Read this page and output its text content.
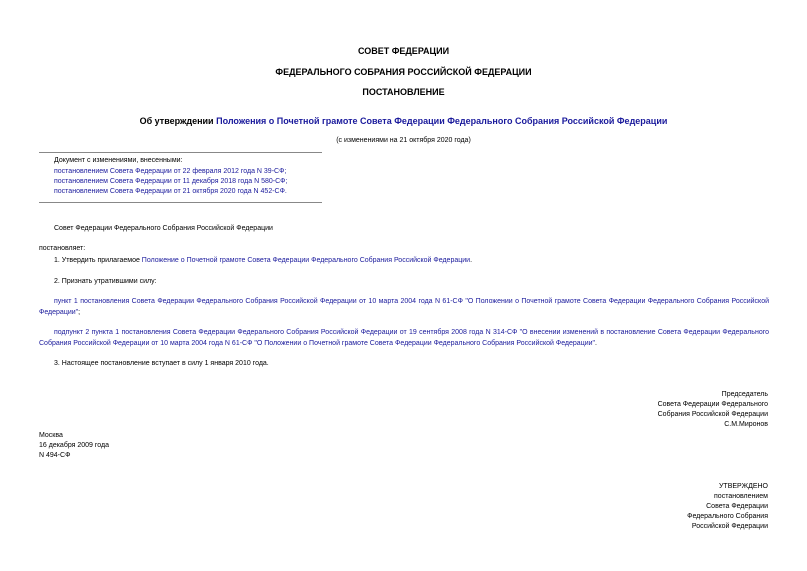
СОВЕТ ФЕДЕРАЦИИ
ФЕДЕРАЛЬНОГО СОБРАНИЯ РОССИЙСКОЙ ФЕДЕРАЦИИ
ПОСТАНОВЛЕНИЕ
Об утверждении Положения о Почетной грамоте Совета Федерации Федерального Собрания Российской Федерации
(с изменениями на 21 октября 2020 года)
Документ с изменениями, внесенными:
постановлением Совета Федерации от 22 февраля 2012 года N 39-СФ;
постановлением Совета Федерации от 11 декабря 2018 года N 580-СФ;
постановлением Совета Федерации от 21 октября 2020 года N 452-СФ.
Совет Федерации Федерального Собрания Российской Федерации
постановляет:
1. Утвердить прилагаемое Положение о Почетной грамоте Совета Федерации Федерального Собрания Российской Федерации.
2. Признать утратившими силу:
пункт 1 постановления Совета Федерации Федерального Собрания Российской Федерации от 10 марта 2004 года N 61-СФ "О Положении о Почетной грамоте Совета Федерации Федерального Собрания Российской Федерации";
подпункт 2 пункта 1 постановления Совета Федерации Федерального Собрания Российской Федерации от 19 сентября 2008 года N 314-СФ "О внесении изменений в постановление Совета Федерации Федерального Собрания Российской Федерации от 10 марта 2004 года N 61-СФ "О Положении о Почетной грамоте Совета Федерации Федерального Собрания Российской Федерации".
3. Настоящее постановление вступает в силу 1 января 2010 года.
Председатель
Совета Федерации Федерального
Собрания Российской Федерации
С.М.Миронов
Москва
16 декабря 2009 года
N 494-СФ
УТВЕРЖДЕНО
постановлением
Совета Федерации
Федерального Собрания
Российской Федерации
